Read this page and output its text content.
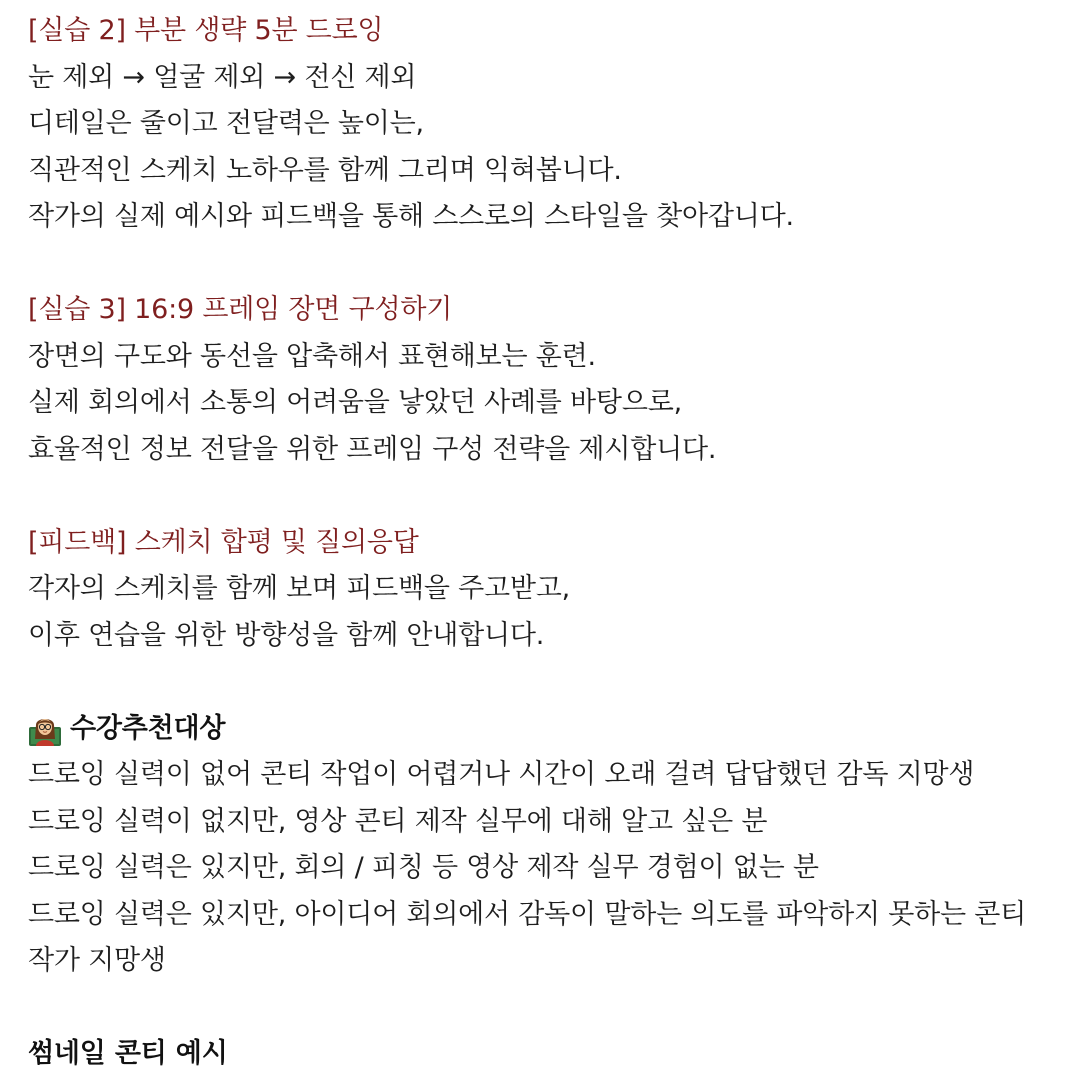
[실습 2] 부분 생략 5분 드로잉
눈 제외 → 얼굴 제외 → 전신 제외
디테일은 줄이고 전달력은 높이는,
직관적인 스케치 노하우를 함께 그리며 익혀봅니다.
작가의 실제 예시와 피드백을 통해 스스로의 스타일을 찾아갑니다.
[실습 3] 16:9 프레임 장면 구성하기
장면의 구도와 동선을 압축해서 표현해보는 훈련.
실제 회의에서 소통의 어려움을 낳았던 사례를 바탕으로,
효율적인 정보 전달을 위한 프레임 구성 전략을 제시합니다.
[피드백] 스케치 합평 및 질의응답
각자의 스케치를 함께 보며 피드백을 주고받고,
이후 연습을 위한 방향성을 함께 안내합니다.
수강추천대상
드로잉 실력이 없어 콘티 작업이 어렵거나 시간이 오래 걸려 답답했던 감독 지망생
드로잉 실력이 없지만, 영상 콘티 제작 실무에 대해 알고 싶은 분
드로잉 실력은 있지만, 회의 / 피칭 등 영상 제작 실무 경험이 없는 분
드로잉 실력은 있지만, 아이디어 회의에서 감독이 말하는 의도를 파악하지 못하는 콘티 작가 지망생
썸네일 콘티 예시
